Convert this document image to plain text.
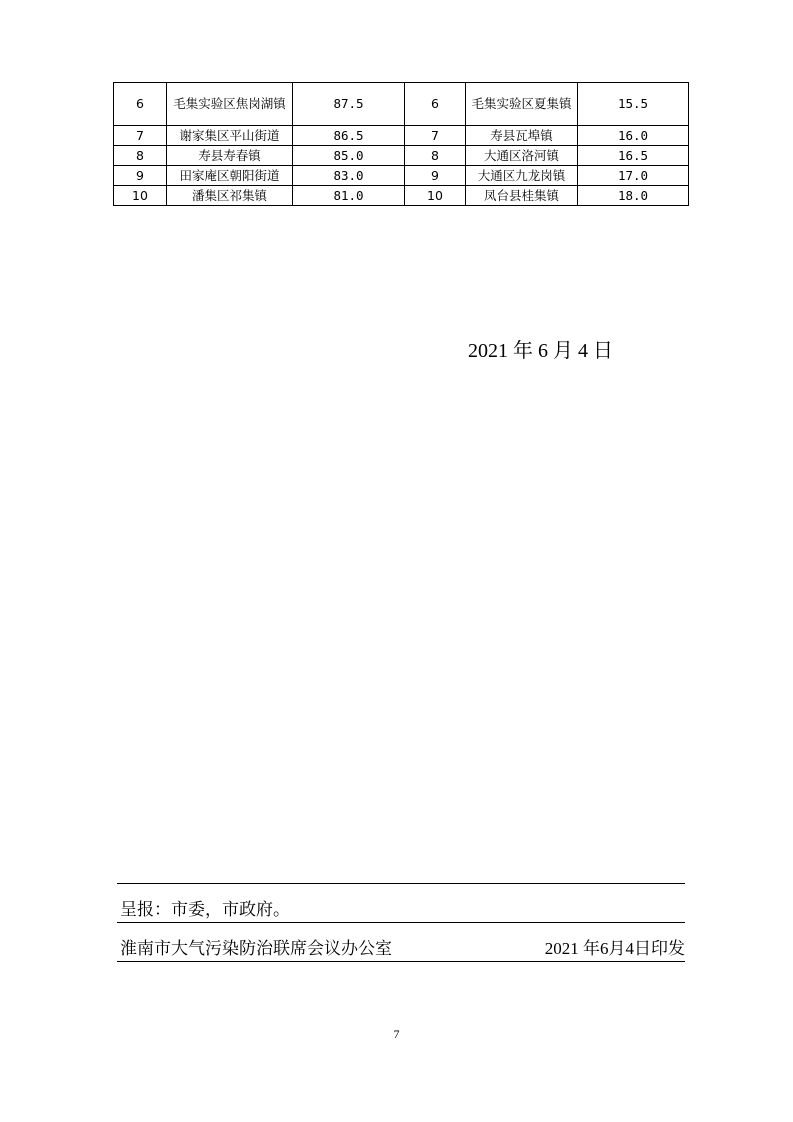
6	毛集实验区焦岗湖镇	87.5	6	毛集实验区夏集镇	15.5
7	谢家集区平山街道	86.5	7	寿县瓦埠镇	16.0
8	寿县寿春镇	85.0	8	大通区洛河镇	16.5
9	田家庵区朝阳街道	83.0	9	大通区九龙岗镇	17.0
10	潘集区祁集镇	81.0	10	凤台县桂集镇	18.0
2021 年 6 月 4 日
呈报：市委，市政府。
淮南市大气污染防治联席会议办公室	2021 年6月4日印发
7
